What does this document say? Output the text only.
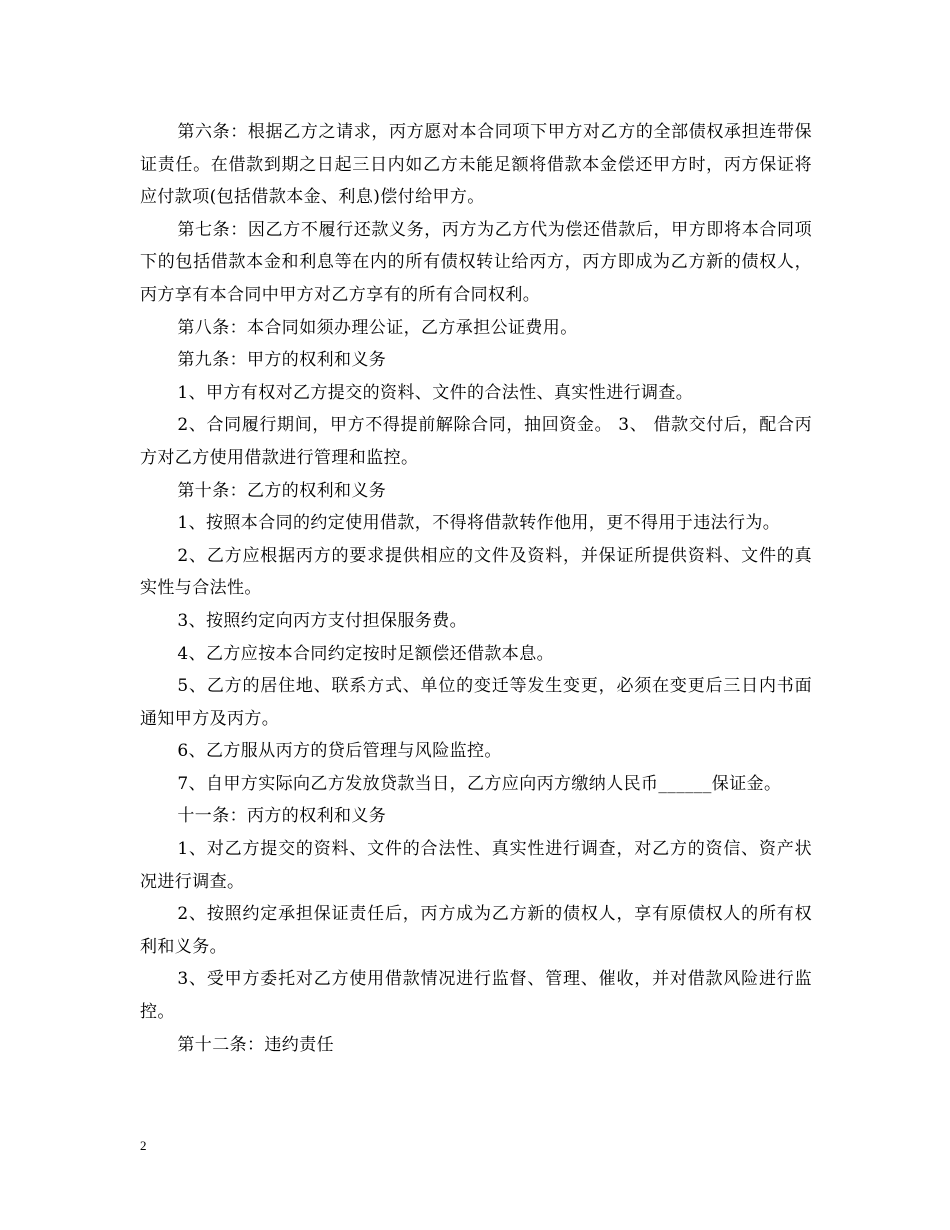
第六条：根据乙方之请求，丙方愿对本合同项下甲方对乙方的全部债权承担连带保证责任。在借款到期之日起三日内如乙方未能足额将借款本金偿还甲方时，丙方保证将应付款项(包括借款本金、利息)偿付给甲方。

第七条：因乙方不履行还款义务，丙方为乙方代为偿还借款后，甲方即将本合同项下的包括借款本金和利息等在内的所有债权转让给丙方，丙方即成为乙方新的债权人，丙方享有本合同中甲方对乙方享有的所有合同权利。

第八条：本合同如须办理公证，乙方承担公证费用。

第九条：甲方的权利和义务

1、甲方有权对乙方提交的资料、文件的合法性、真实性进行调查。

2、合同履行期间，甲方不得提前解除合同，抽回资金。 3、 借款交付后，配合丙方对乙方使用借款进行管理和监控。

第十条：乙方的权利和义务

1、按照本合同的约定使用借款，不得将借款转作他用，更不得用于违法行为。

2、乙方应根据丙方的要求提供相应的文件及资料，并保证所提供资料、文件的真实性与合法性。

3、按照约定向丙方支付担保服务费。

4、乙方应按本合同约定按时足额偿还借款本息。

5、乙方的居住地、联系方式、单位的变迁等发生变更，必须在变更后三日内书面通知甲方及丙方。

6、乙方服从丙方的贷后管理与风险监控。

7、自甲方实际向乙方发放贷款当日，乙方应向丙方缴纳人民币______保证金。

十一条：丙方的权利和义务

1、对乙方提交的资料、文件的合法性、真实性进行调查，对乙方的资信、资产状况进行调查。

2、按照约定承担保证责任后，丙方成为乙方新的债权人，享有原债权人的所有权利和义务。

3、受甲方委托对乙方使用借款情况进行监督、管理、催收，并对借款风险进行监控。

第十二条：违约责任

2
